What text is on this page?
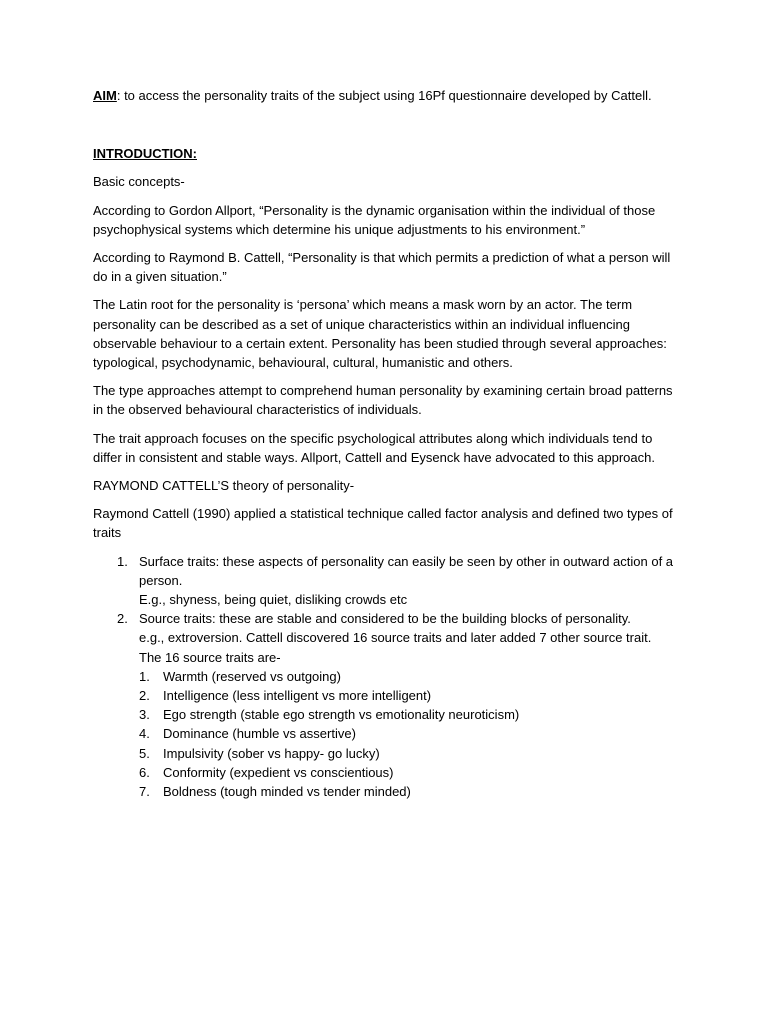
AIM: to access the personality traits of the subject using 16Pf questionnaire developed by Cattell.

INTRODUCTION:

Basic concepts-

According to Gordon Allport, “Personality is the dynamic organisation within the individual of those psychophysical systems which determine his unique adjustments to his environment.”

According to Raymond B. Cattell, “Personality is that which permits a prediction of what a person will do in a given situation.”

The Latin root for the personality is ‘persona’ which means a mask worn by an actor. The term personality can be described as a set of unique characteristics within an individual influencing observable behaviour to a certain extent. Personality has been studied through several approaches: typological, psychodynamic, behavioural, cultural, humanistic and others.

The type approaches attempt to comprehend human personality by examining certain broad patterns in the observed behavioural characteristics of individuals.

The trait approach focuses on the specific psychological attributes along which individuals tend to differ in consistent and stable ways. Allport, Cattell and Eysenck have advocated to this approach.

RAYMOND CATTELL’S theory of personality-

Raymond Cattell (1990) applied a statistical technique called factor analysis and defined two types of traits

1. Surface traits: these aspects of personality can easily be seen by other in outward action of a person.
E.g., shyness, being quiet, disliking crowds etc
2. Source traits: these are stable and considered to be the building blocks of personality.
e.g., extroversion. Cattell discovered 16 source traits and later added 7 other source trait.
The 16 source traits are-
1. Warmth (reserved vs outgoing)
2. Intelligence (less intelligent vs more intelligent)
3. Ego strength (stable ego strength vs emotionality neuroticism)
4. Dominance (humble vs assertive)
5. Impulsivity (sober vs happy- go lucky)
6. Conformity (expedient vs conscientious)
7. Boldness (tough minded vs tender minded)
